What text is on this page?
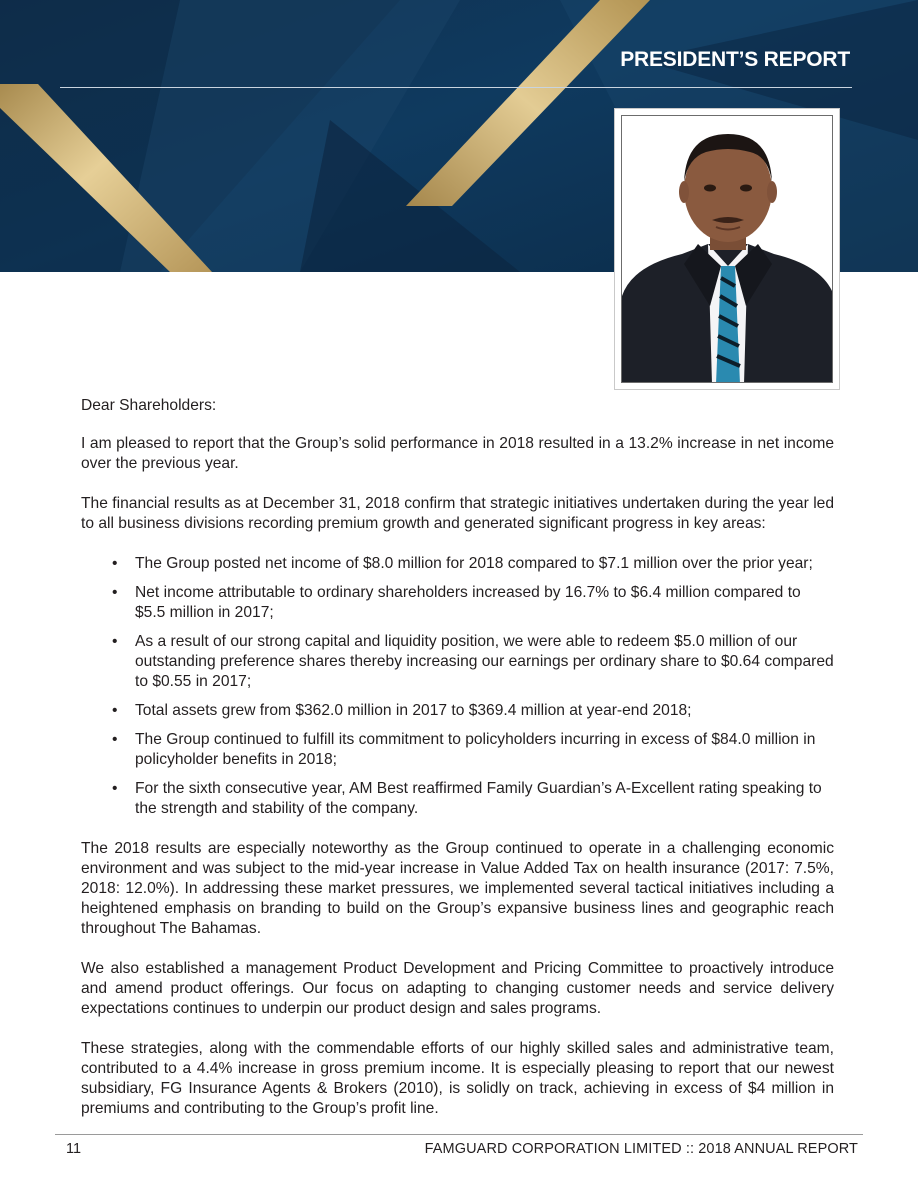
PRESIDENT’S REPORT

Dear Shareholders:

I am pleased to report that the Group’s solid performance in 2018 resulted in a 13.2% increase in net income over the previous year.

The financial results as at December 31, 2018 confirm that strategic initiatives undertaken during the year led to all business divisions recording premium growth and generated significant progress in key areas:

• The Group posted net income of $8.0 million for 2018 compared to $7.1 million over the prior year;
• Net income attributable to ordinary shareholders increased by 16.7% to $6.4 million compared to $5.5 million in 2017;
• As a result of our strong capital and liquidity position, we were able to redeem $5.0 million of our outstanding preference shares thereby increasing our earnings per ordinary share to $0.64 compared to $0.55 in 2017;
• Total assets grew from $362.0 million in 2017 to $369.4 million at year-end 2018;
• The Group continued to fulfill its commitment to policyholders incurring in excess of $84.0 million in policyholder benefits in 2018;
• For the sixth consecutive year, AM Best reaffirmed Family Guardian’s A-Excellent rating speaking to the strength and stability of the company.

The 2018 results are especially noteworthy as the Group continued to operate in a challenging economic environment and was subject to the mid-year increase in Value Added Tax on health insurance (2017: 7.5%, 2018: 12.0%). In addressing these market pressures, we implemented several tactical initiatives including a heightened emphasis on branding to build on the Group’s expansive business lines and geographic reach throughout The Bahamas.

We also established a management Product Development and Pricing Committee to proactively introduce and amend product offerings. Our focus on adapting to changing customer needs and service delivery expectations continues to underpin our product design and sales programs.

These strategies, along with the commendable efforts of our highly skilled sales and administrative team, contributed to a 4.4% increase in gross premium income. It is especially pleasing to report that our newest subsidiary, FG Insurance Agents & Brokers (2010), is solidly on track, achieving in excess of $4 million in premiums and contributing to the Group’s profit line.

11	FAMGUARD CORPORATION LIMITED :: 2018 ANNUAL REPORT
